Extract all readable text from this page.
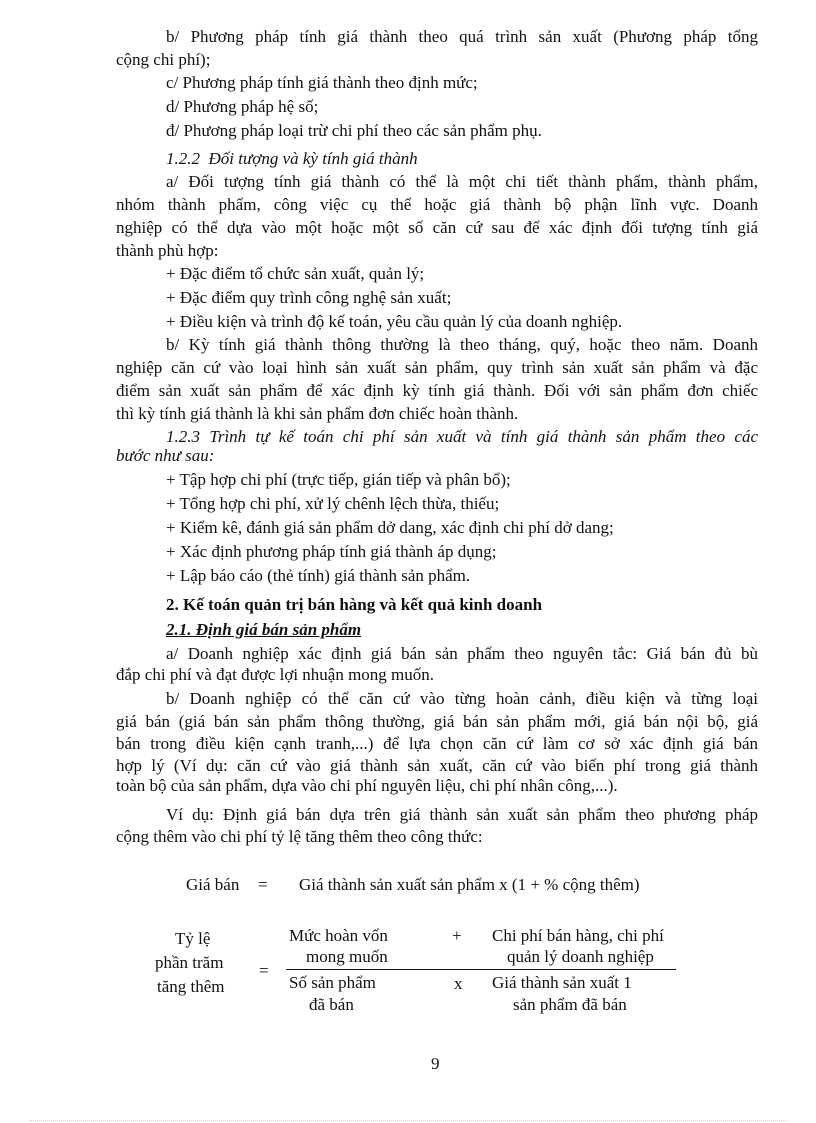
b/ Phương pháp tính giá thành theo quá trình sản xuất (Phương pháp tổng
cộng chi phí);
c/ Phương pháp tính giá thành theo định mức;
d/ Phương pháp hệ số;
đ/ Phương pháp loại trừ chi phí theo các sản phẩm phụ.
1.2.2  Đối tượng và kỳ tính giá thành
a/ Đối tượng tính giá thành có thể là một chi tiết thành phẩm, thành phẩm,
nhóm thành phẩm, công việc cụ thể hoặc giá thành bộ phận lĩnh vực. Doanh
nghiệp có thể dựa vào một hoặc một số căn cứ sau để xác định đối tượng tính giá
thành phù hợp:
+ Đặc điểm tổ chức sản xuất, quản lý;
+ Đặc điểm quy trình công nghệ sản xuất;
+ Điều kiện và trình độ kế toán, yêu cầu quản lý của doanh nghiệp.
b/ Kỳ tính giá thành thông thường là theo tháng, quý, hoặc theo năm. Doanh
nghiệp căn cứ vào loại hình sản xuất sản phẩm, quy trình sản xuất sản phẩm và đặc
điểm sản xuất sản phẩm để xác định kỳ tính giá thành. Đối với sản phẩm đơn chiếc
thì kỳ tính giá thành là khi sản phẩm đơn chiếc hoàn thành.
1.2.3 Trình tự kế toán chi phí sản xuất và tính giá thành sản phẩm theo các
bước như sau:
+ Tập hợp chi phí (trực tiếp, gián tiếp và phân bổ);
+ Tổng hợp chi phí, xử lý chênh lệch thừa, thiếu;
+ Kiểm kê, đánh giá sản phẩm dở dang, xác định chi phí dở dang;
+ Xác định phương pháp tính giá thành áp dụng;
+ Lập báo cáo (thẻ tính) giá thành sản phẩm.
2. Kế toán quản trị bán hàng và kết quả kinh doanh
2.1. Định giá bán sản phẩm
a/ Doanh nghiệp xác định giá bán sản phẩm theo nguyên tắc: Giá bán đủ bù
đắp chi phí và đạt được lợi nhuận mong muốn.
b/ Doanh nghiệp có thể căn cứ vào từng hoàn cảnh, điều kiện và từng loại
giá bán (giá bán sản phẩm thông thường, giá bán sản phẩm mới, giá bán nội bộ, giá
bán trong điều kiện cạnh tranh,...) để lựa chọn căn cứ làm cơ sở xác định giá bán
hợp lý (Ví dụ: căn cứ vào giá thành sản xuất, căn cứ vào biến phí trong giá thành
toàn bộ của sản phẩm, dựa vào chi phí nguyên liệu, chi phí nhân công,...).
Ví dụ: Định giá bán dựa trên giá thành sản xuất sản phẩm theo phương pháp
cộng thêm vào chi phí tỷ lệ tăng thêm theo công thức:
Giá bán = Giá thành sản xuất sản phẩm x (1 + % cộng thêm)
Tỷ lệ
phần trăm
tăng thêm
=
Mức hoàn vốn
mong muốn
+ Chi phí bán hàng, chi phí
quản lý doanh nghiệp
Số sản phẩm
đã bán
x Giá thành sản xuất 1
sản phẩm đã bán
9
